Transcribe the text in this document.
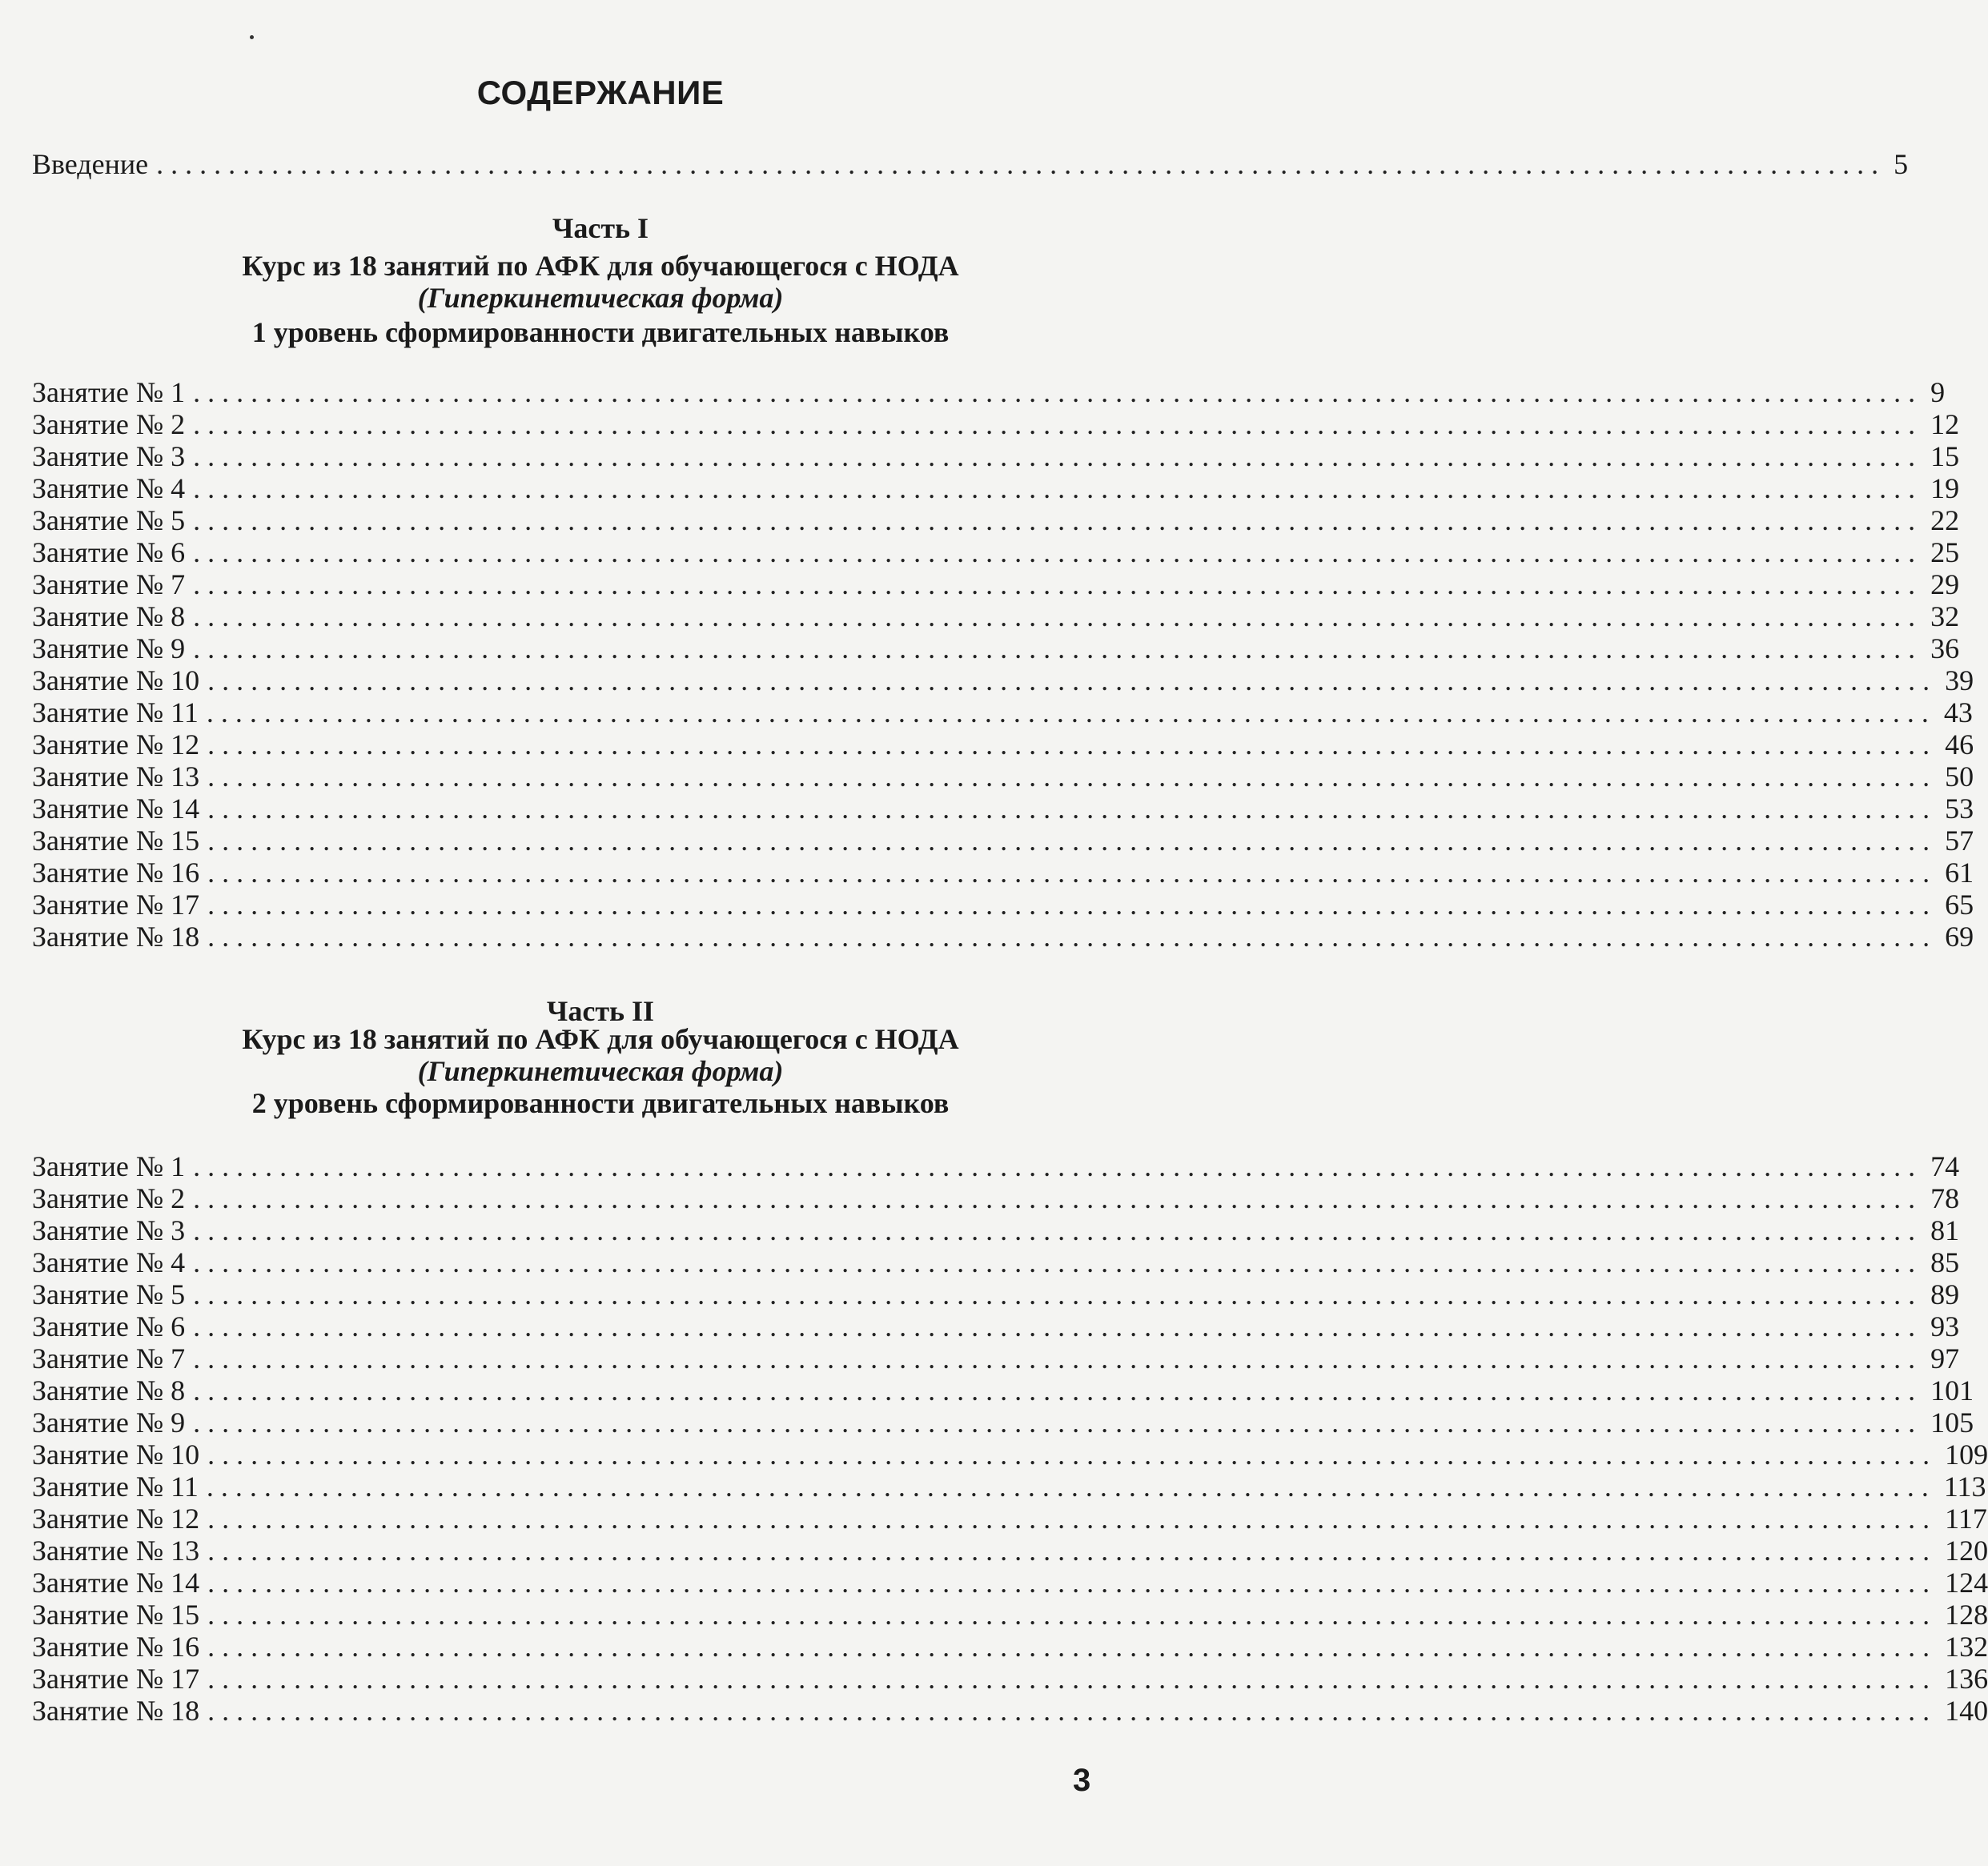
СОДЕРЖАНИЕ
Введение ........................................................................................................................ 5
Часть I
Курс из 18 занятий по АФК для обучающегося с НОДА
(Гиперкинетическая форма)
1 уровень сформированности двигательных навыков
Занятие № 1 ........................................................................................................................ 9
Занятие № 2 ........................................................................................................................ 12
Занятие № 3 ........................................................................................................................ 15
Занятие № 4 ........................................................................................................................ 19
Занятие № 5 ........................................................................................................................ 22
Занятие № 6 ........................................................................................................................ 25
Занятие № 7 ........................................................................................................................ 29
Занятие № 8 ........................................................................................................................ 32
Занятие № 9 ........................................................................................................................ 36
Занятие № 10 ........................................................................................................................ 39
Занятие № 11 ........................................................................................................................ 43
Занятие № 12 ........................................................................................................................ 46
Занятие № 13 ........................................................................................................................ 50
Занятие № 14 ........................................................................................................................ 53
Занятие № 15 ........................................................................................................................ 57
Занятие № 16 ........................................................................................................................ 61
Занятие № 17 ........................................................................................................................ 65
Занятие № 18 ........................................................................................................................ 69
Часть II
Курс из 18 занятий по АФК для обучающегося с НОДА
(Гиперкинетическая форма)
2 уровень сформированности двигательных навыков
Занятие № 1 ........................................................................................................................ 74
Занятие № 2 ........................................................................................................................ 78
Занятие № 3 ........................................................................................................................ 81
Занятие № 4 ........................................................................................................................ 85
Занятие № 5 ........................................................................................................................ 89
Занятие № 6 ........................................................................................................................ 93
Занятие № 7 ........................................................................................................................ 97
Занятие № 8 ........................................................................................................................ 101
Занятие № 9 ........................................................................................................................ 105
Занятие № 10 ........................................................................................................................ 109
Занятие № 11 ........................................................................................................................ 113
Занятие № 12 ........................................................................................................................ 117
Занятие № 13 ........................................................................................................................ 120
Занятие № 14 ........................................................................................................................ 124
Занятие № 15 ........................................................................................................................ 128
Занятие № 16 ........................................................................................................................ 132
Занятие № 17 ........................................................................................................................ 136
Занятие № 18 ........................................................................................................................ 140
3
